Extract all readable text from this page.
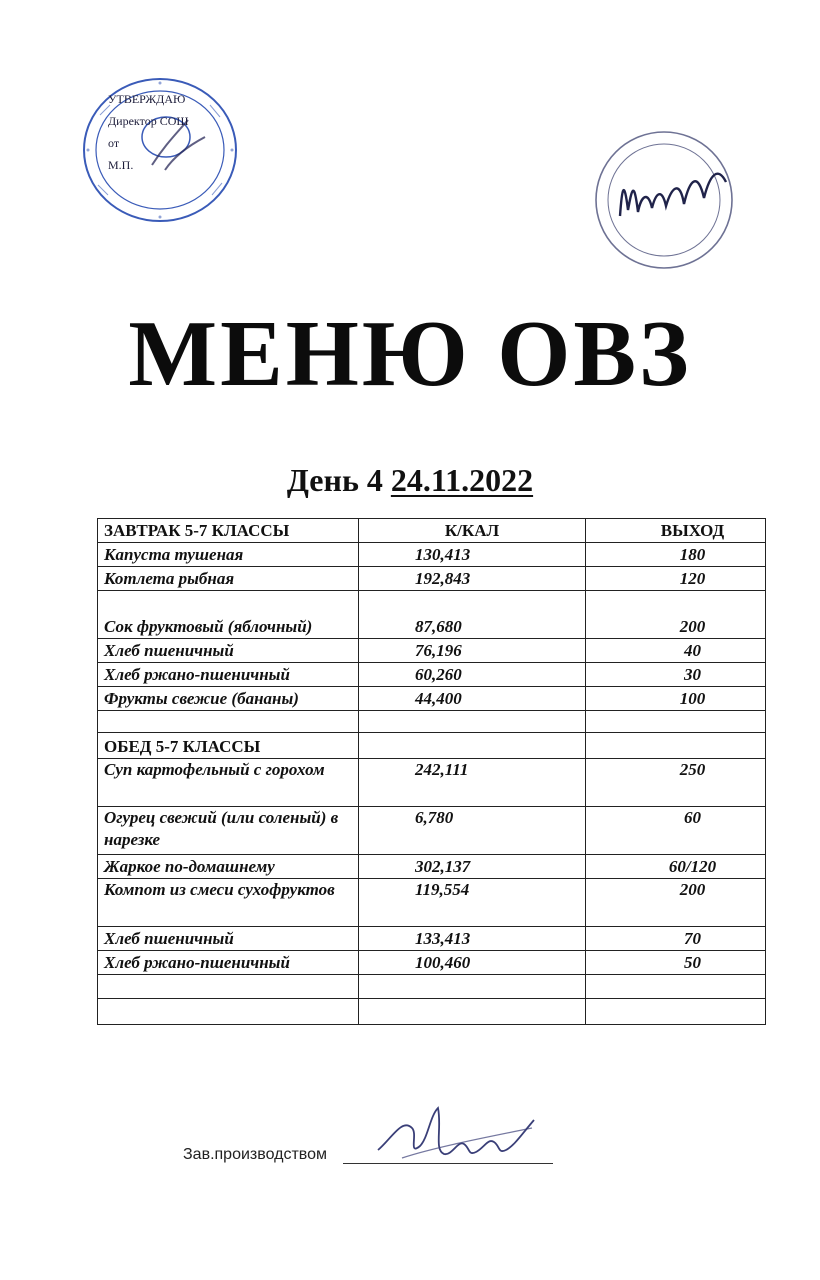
УТВЕРЖДАЮ
Директор СОШ
от
М.П.
МЕНЮ ОВЗ
День 4 24.11.2022
ЗАВТРАК 5-7 КЛАССЫ	К/КАЛ	ВЫХОД
Капуста тушеная	130,413	180
Котлета рыбная	192,843	120
Сок фруктовый (яблочный)	87,680	200
Хлеб пшеничный	76,196	40
Хлеб ржано-пшеничный	60,260	30
Фрукты свежие (бананы)	44,400	100

ОБЕД 5-7 КЛАССЫ		
Суп картофельный с горохом	242,111	250
Огурец свежий (или соленый) в нарезке	6,780	60
Жаркое по-домашнему	302,137	60/120
Компот из смеси сухофруктов	119,554	200
Хлеб пшеничный	133,413	70
Хлеб ржано-пшеничный	100,460	50

Зав.производством
